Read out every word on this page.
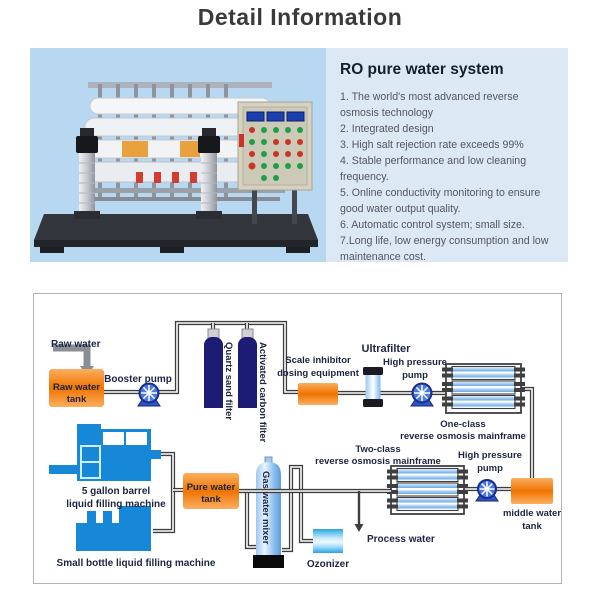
Detail Information
RO pure water system

1. The world's most advanced reverse osmosis technology

2. Integrated design

3. High salt rejection rate exceeds 99%

4. Stable performance and low cleaning frequency.

5. Online conductivity monitoring to ensure good water output quality.

6. Automatic control system; small size.

7.Long life, low energy consumption and low maintenance cost.

Raw water
tank
Pure water
tank
Raw water
Booster pump	Quartz sand filter Activated carbon filter Scale inhibitor
dosing equipment
Ultrafilter
High pressure
pump
One-class
reverse osmosis mainframe
Two-class
reverse osmosis mainframe
High pressure
pump
middle water
tank
Gas water mixer	Process water
Ozonizer
5 gallon barrel
liquid filling machine
Small bottle liquid filling machine
